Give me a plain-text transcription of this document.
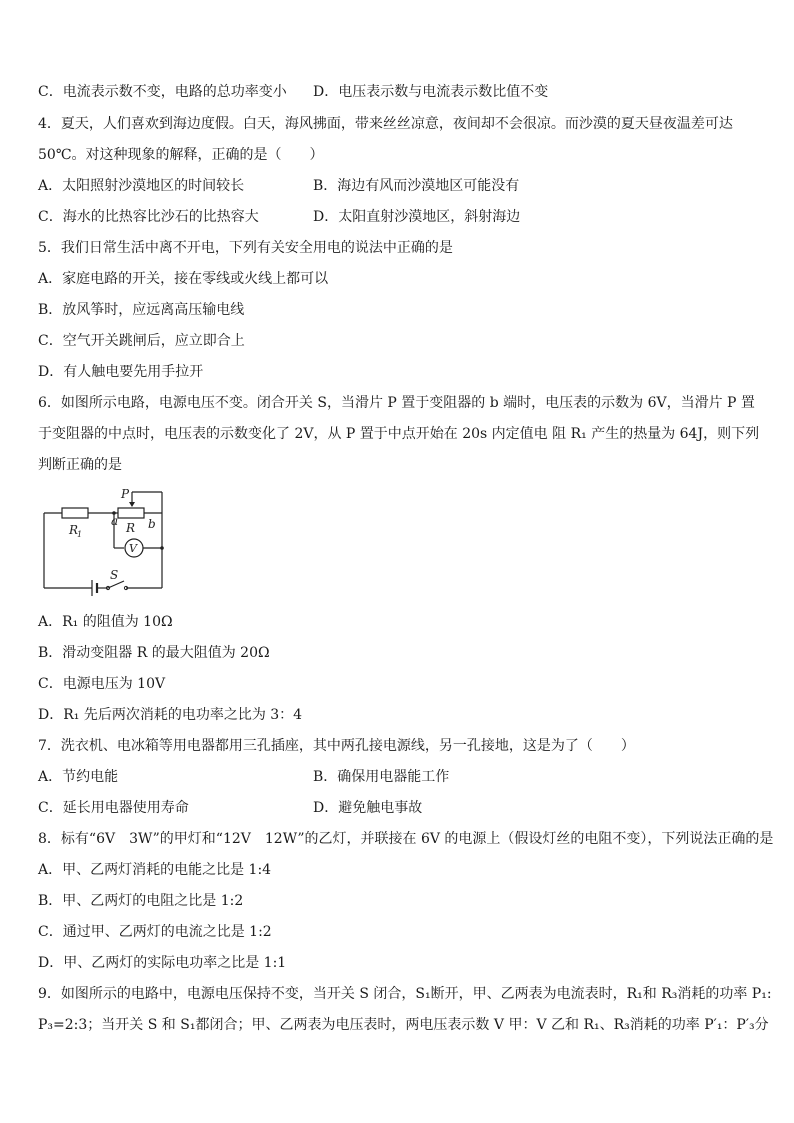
C．电流表示数不变，电路的总功率变小 D．电压表示数与电流表示数比值不变
4．夏天，人们喜欢到海边度假。白天，海风拂面，带来丝丝凉意，夜间却不会很凉。而沙漠的夏天昼夜温差可达
50℃。对这种现象的解释，正确的是（　　）
A．太阳照射沙漠地区的时间较长	B．海边有风而沙漠地区可能没有
C．海水的比热容比沙石的比热容大	D．太阳直射沙漠地区，斜射海边
5．我们日常生活中离不开电，下列有关安全用电的说法中正确的是
A．家庭电路的开关，接在零线或火线上都可以
B．放风筝时，应远离高压输电线
C．空气开关跳闸后，应立即合上
D．有人触电要先用手拉开
6．如图所示电路，电源电压不变。闭合开关 S，当滑片 P 置于变阻器的 b 端时，电压表的示数为 6V，当滑片 P 置
于变阻器的中点时，电压表的示数变化了 2V，从 P 置于中点开始在 20s 内定值电 阻 R₁ 产生的热量为 64J，则下列
判断正确的是
P
a b
R
R
1
V
S
A．R₁ 的阻值为 10Ω
B．滑动变阻器 R 的最大阻值为 20Ω
C．电源电压为 10V
D．R₁ 先后两次消耗的电功率之比为 3：4
7．洗衣机、电冰箱等用电器都用三孔插座，其中两孔接电源线，另一孔接地，这是为了（　　）
A．节约电能	B．确保用电器能工作
C．延长用电器使用寿命	D．避免触电事故
8．标有“6V　3W”的甲灯和“12V　12W”的乙灯，并联接在 6V 的电源上（假设灯丝的电阻不变），下列说法正确的是
A．甲、乙两灯消耗的电能之比是 1:4
B．甲、乙两灯的电阻之比是 1:2
C．通过甲、乙两灯的电流之比是 1:2
D．甲、乙两灯的实际电功率之比是 1:1
9．如图所示的电路中，电源电压保持不变，当开关 S 闭合，S₁断开，甲、乙两表为电流表时，R₁和 R₃消耗的功率 P₁:
P₃=2:3；当开关 S 和 S₁都闭合；甲、乙两表为电压表时，两电压表示数 V 甲：V 乙和 R₁、R₃消耗的功率 P′₁：P′₃分
